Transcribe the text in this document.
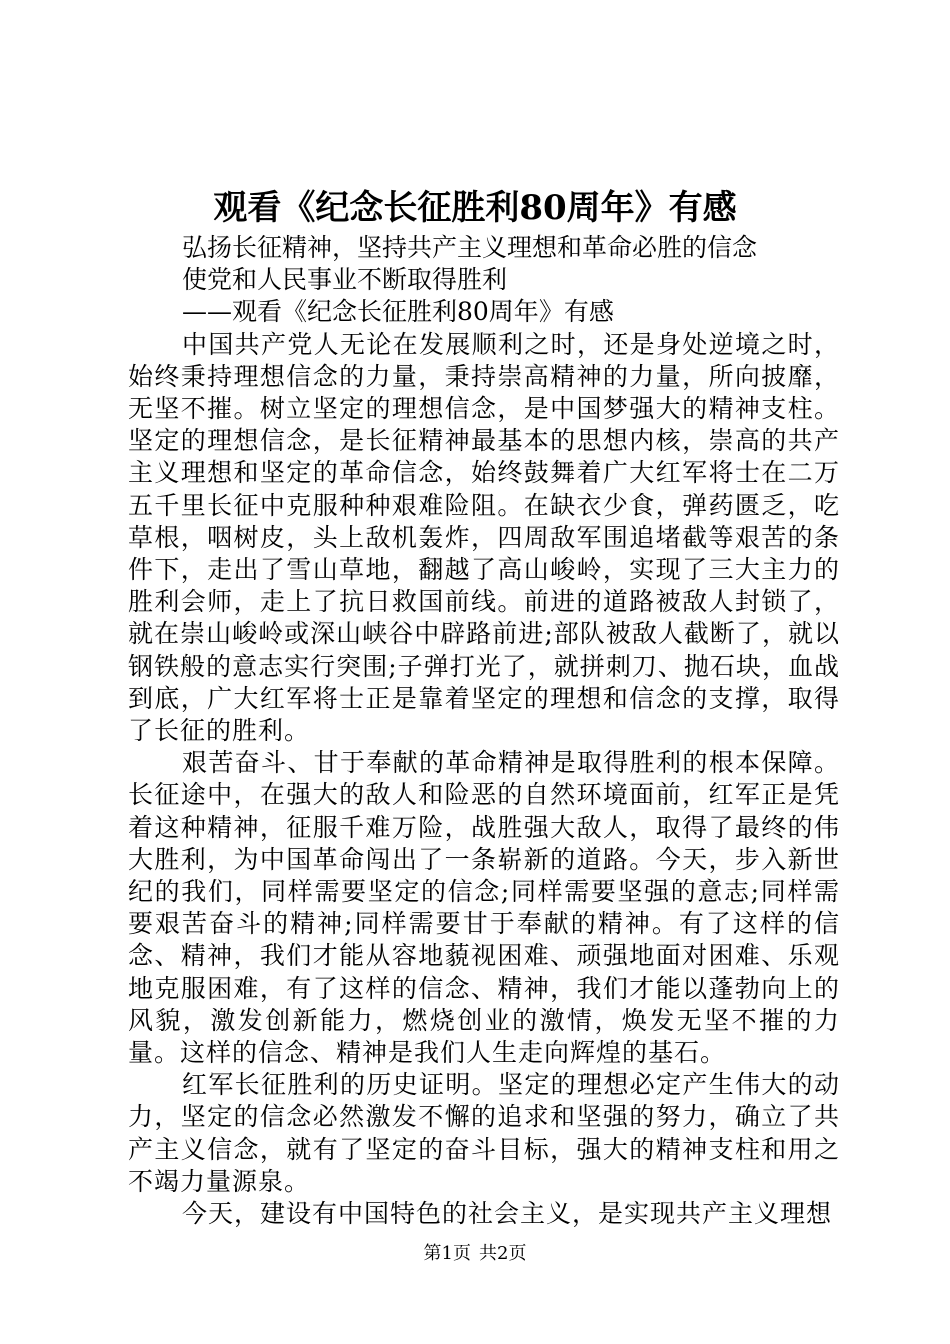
观看《纪念长征胜利80周年》有感

弘扬长征精神，坚持共产主义理想和革命必胜的信念

使党和人民事业不断取得胜利

——观看《纪念长征胜利80周年》有感

中国共产党人无论在发展顺利之时，还是身处逆境之时，始终秉持理想信念的力量，秉持崇高精神的力量，所向披靡，无坚不摧。树立坚定的理想信念，是中国梦强大的精神支柱。坚定的理想信念，是长征精神最基本的思想内核，崇高的共产主义理想和坚定的革命信念，始终鼓舞着广大红军将士在二万五千里长征中克服种种艰难险阻。在缺衣少食，弹药匮乏，吃草根，咽树皮，头上敌机轰炸，四周敌军围追堵截等艰苦的条件下，走出了雪山草地，翻越了高山峻岭，实现了三大主力的胜利会师，走上了抗日救国前线。前进的道路被敌人封锁了，就在崇山峻岭或深山峡谷中辟路前进;部队被敌人截断了，就以钢铁般的意志实行突围;子弹打光了，就拼刺刀、抛石块，血战到底，广大红军将士正是靠着坚定的理想和信念的支撑，取得了长征的胜利。

艰苦奋斗、甘于奉献的革命精神是取得胜利的根本保障。长征途中，在强大的敌人和险恶的自然环境面前，红军正是凭着这种精神，征服千难万险，战胜强大敌人，取得了最终的伟大胜利，为中国革命闯出了一条崭新的道路。今天，步入新世纪的我们，同样需要坚定的信念;同样需要坚强的意志;同样需要艰苦奋斗的精神;同样需要甘于奉献的精神。有了这样的信念、精神，我们才能从容地藐视困难、顽强地面对困难、乐观地克服困难，有了这样的信念、精神，我们才能以蓬勃向上的风貌，激发创新能力，燃烧创业的激情，焕发无坚不摧的力量。这样的信念、精神是我们人生走向辉煌的基石。

红军长征胜利的历史证明。坚定的理想必定产生伟大的动力，坚定的信念必然激发不懈的追求和坚强的努力，确立了共产主义信念，就有了坚定的奋斗目标，强大的精神支柱和用之不竭力量源泉。

今天，建设有中国特色的社会主义，是实现共产主义理想

第1页 共2页
